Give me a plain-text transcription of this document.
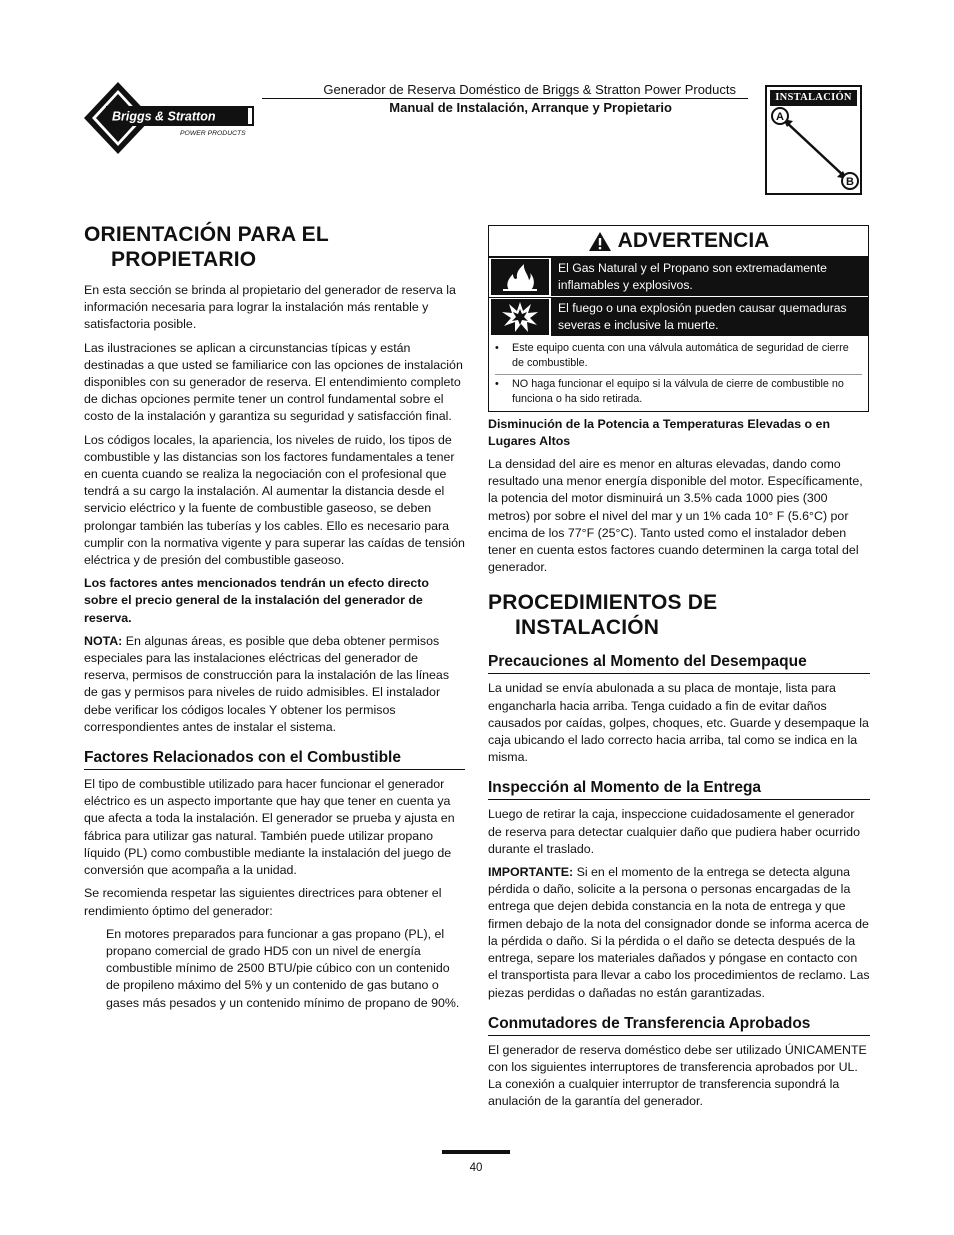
Briggs & Stratton
POWER PRODUCTS
Generador de Reserva Doméstico de Briggs & Stratton Power Products
Manual de Instalación, Arranque y Propietario
A
B
INSTALACIÓN
ORIENTACIÓN PARA EL
PROPIETARIO

En esta sección se brinda al propietario del generador de reserva la información necesaria para lograr la instalación más rentable y satisfactoria posible.

Las ilustraciones se aplican a circunstancias típicas y están destinadas a que usted se familiarice con las opciones de instalación disponibles con su generador de reserva. El entendimiento completo de dichas opciones permite tener un control fundamental sobre el costo de la instalación y garantiza su seguridad y satisfacción final.

Los códigos locales, la apariencia, los niveles de ruido, los tipos de combustible y las distancias son los factores fundamentales a tener en cuenta cuando se realiza la negociación con el profesional que tendrá a su cargo la instalación. Al aumentar la distancia desde el servicio eléctrico y la fuente de combustible gaseoso, se deben prolongar también las tuberías y los cables. Ello es necesario para cumplir con la normativa vigente y para superar las caídas de tensión eléctrica y de presión del combustible gaseoso.

Los factores antes mencionados tendrán un efecto directo sobre el precio general de la instalación del generador de reserva.

NOTA: En algunas áreas, es posible que deba obtener permisos especiales para las instalaciones eléctricas del generador de reserva, permisos de construcción para la instalación de las líneas de gas y permisos para niveles de ruido admisibles. El instalador debe verificar los códigos locales Y obtener los permisos correspondientes antes de instalar el sistema.

Factores Relacionados con el Combustible

El tipo de combustible utilizado para hacer funcionar el generador eléctrico es un aspecto importante que hay que tener en cuenta ya que afecta a toda la instalación. El generador se prueba y ajusta en fábrica para utilizar gas natural. También puede utilizar propano líquido (PL) como combustible mediante la instalación del juego de conversión que acompaña a la unidad.

Se recomienda respetar las siguientes directrices para obtener el rendimiento óptimo del generador:

En motores preparados para funcionar a gas propano (PL), el propano comercial de grado HD5 con un nivel de energía combustible mínimo de 2500 BTU/pie cúbico con un contenido de propileno máximo del 5% y un contenido de gas butano o gases más pesados y un contenido mínimo de propano de 90%.

ADVERTENCIA
El Gas Natural y el Propano son extremadamente inflamables y explosivos.
El fuego o una explosión pueden causar quemaduras severas e inclusive la muerte.
•	Este equipo cuenta con una válvula automática de seguridad de cierre de combustible.
•	NO haga funcionar el equipo si la válvula de cierre de combustible no funciona o ha sido retirada.

Disminución de la Potencia a Temperaturas Elevadas o en Lugares Altos

La densidad del aire es menor en alturas elevadas, dando como resultado una menor energía disponible del motor. Específicamente, la potencia del motor disminuirá un 3.5% cada 1000 pies (300 metros) por sobre el nivel del mar y un 1% cada 10° F (5.6°C) por encima de los 77°F (25°C). Tanto usted como el instalador deben tener en cuenta estos factores cuando determinen la carga total del generador.

PROCEDIMIENTOS DE
INSTALACIÓN
Precauciones al Momento del Desempaque

La unidad se envía abulonada a su placa de montaje, lista para engancharla hacia arriba. Tenga cuidado a fin de evitar daños causados por caídas, golpes, choques, etc. Guarde y desempaque la caja ubicando el lado correcto hacia arriba, tal como se indica en la misma.

Inspección al Momento de la Entrega

Luego de retirar la caja, inspeccione cuidadosamente el generador de reserva para detectar cualquier daño que pudiera haber ocurrido durante el traslado.

IMPORTANTE: Si en el momento de la entrega se detecta alguna pérdida o daño, solicite a la persona o personas encargadas de la entrega que dejen debida constancia en la nota de entrega y que firmen debajo de la nota del consignador donde se informa acerca de la pérdida o daño. Si la pérdida o el daño se detecta después de la entrega, separe los materiales dañados y póngase en contacto con el transportista para llevar a cabo los procedimientos de reclamo. Las piezas perdidas o dañadas no están garantizadas.

Conmutadores de Transferencia Aprobados

El generador de reserva doméstico debe ser utilizado ÚNICAMENTE con los siguientes interruptores de transferencia aprobados por UL. La conexión a cualquier interruptor de transferencia supondrá la anulación de la garantía del generador.

40
